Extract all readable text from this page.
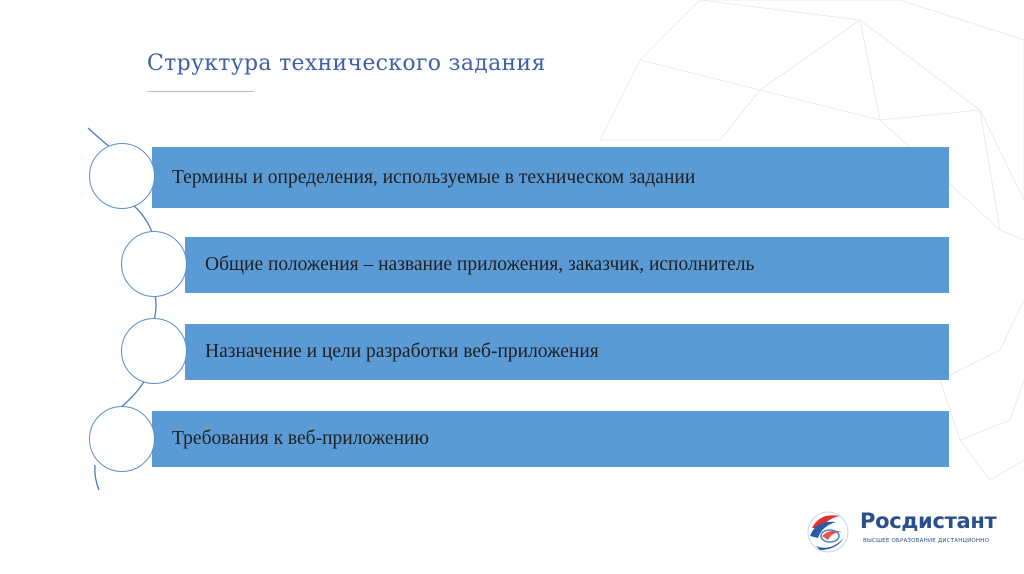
Структура технического задания
Термины и определения, используемые в техническом задании
Общие положения – название приложения, заказчик, исполнитель
Назначение и цели разработки веб-приложения
Требования к веб-приложению
Росдистант
ВЫСШЕЕ ОБРАЗОВАНИЕ ДИСТАНЦИОННО
